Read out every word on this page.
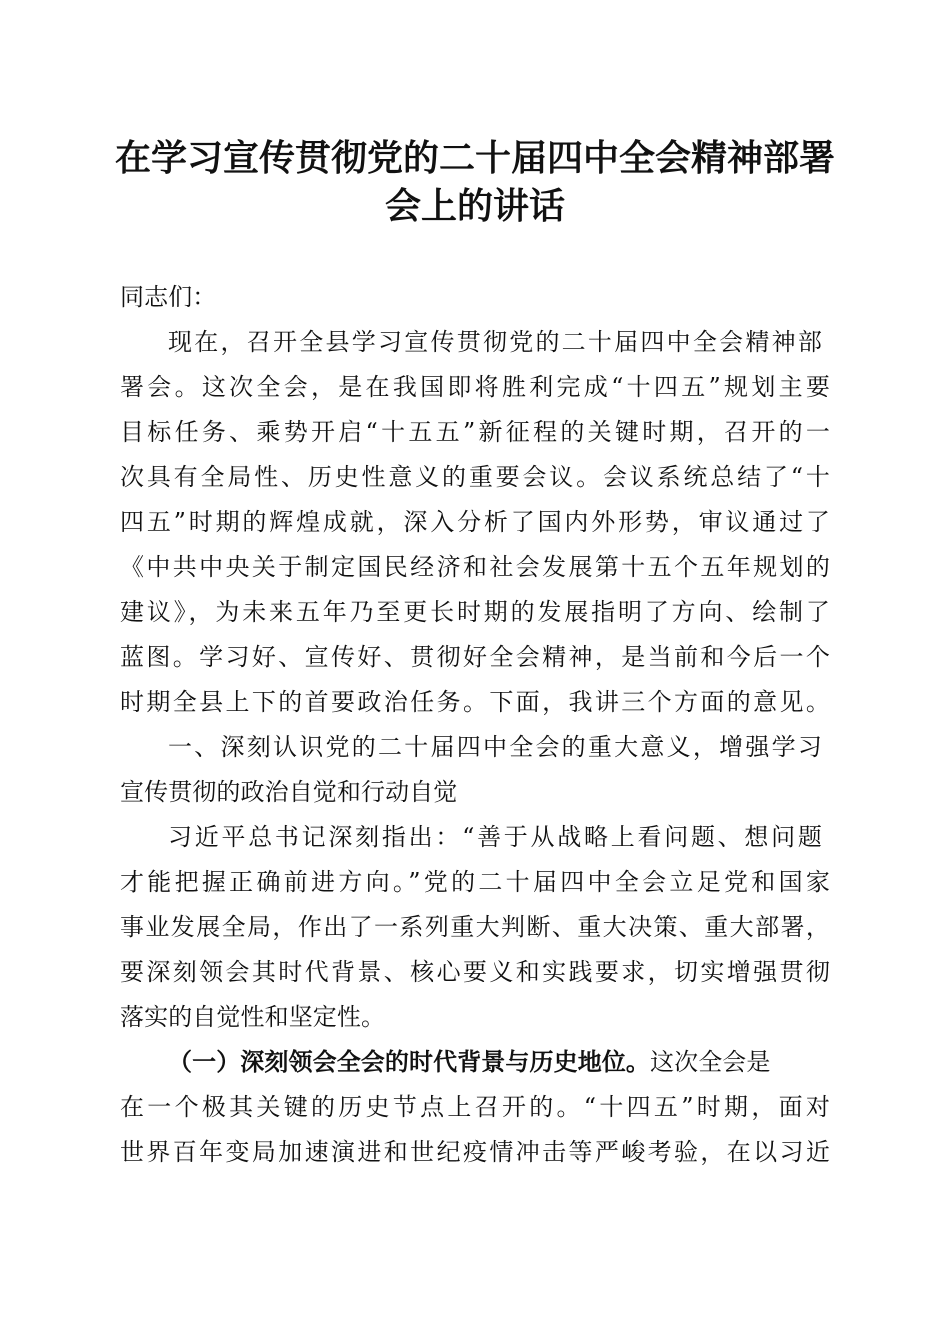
在学习宣传贯彻党的二十届四中全会精神部署
会上的讲话
同志们：
现在，召开全县学习宣传贯彻党的二十届四中全会精神部
署会。这次全会，是在我国即将胜利完成“十四五”规划主要
目标任务、乘势开启“十五五”新征程的关键时期，召开的一
次具有全局性、历史性意义的重要会议。会议系统总结了“十
四五”时期的辉煌成就，深入分析了国内外形势，审议通过了
《中共中央关于制定国民经济和社会发展第十五个五年规划的
建议》，为未来五年乃至更长时期的发展指明了方向、绘制了
蓝图。学习好、宣传好、贯彻好全会精神，是当前和今后一个
时期全县上下的首要政治任务。下面，我讲三个方面的意见。
一、深刻认识党的二十届四中全会的重大意义，增强学习
宣传贯彻的政治自觉和行动自觉
习近平总书记深刻指出：“善于从战略上看问题、想问题
才能把握正确前进方向。”党的二十届四中全会立足党和国家
事业发展全局，作出了一系列重大判断、重大决策、重大部署，
要深刻领会其时代背景、核心要义和实践要求，切实增强贯彻
落实的自觉性和坚定性。
（一）深刻领会全会的时代背景与历史地位。这次全会是
在一个极其关键的历史节点上召开的。“十四五”时期，面对
世界百年变局加速演进和世纪疫情冲击等严峻考验，在以习近
